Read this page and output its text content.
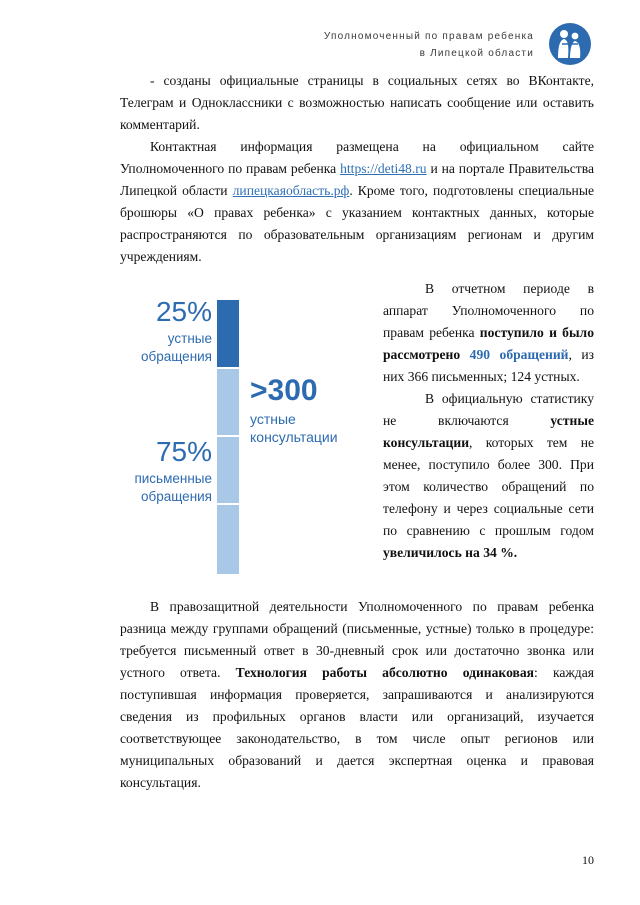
Уполномоченный по правам ребенка
в Липецкой области
- созданы официальные страницы в социальных сетях во ВКонтакте, Телеграм и Одноклассники с возможностью написать сообщение или оставить комментарий.
Контактная информация размещена на официальном сайте Уполномоченного по правам ребенка https://deti48.ru и на портале Правительства Липецкой области липецкаяобласть.рф. Кроме того, подготовлены специальные брошюры «О правах ребенка» с указанием контактных данных, которые распространяются по образовательным организациям регионам и другим учреждениям.
25%
устные
обращения
>300
устные
консультации
75%
письменные
обращения
В отчетном периоде в аппарат Уполномоченного по правам ребенка поступило и было рассмотрено 490 обращений, из них 366 письменных; 124 устных.
В официальную статистику не включаются устные консультации, которых тем не менее, поступило более 300. При этом количество обращений по телефону и через социальные сети по сравнению с прошлым годом увеличилось на 34 %.
В правозащитной деятельности Уполномоченного по правам ребенка разница между группами обращений (письменные, устные) только в процедуре: требуется письменный ответ в 30-дневный срок или достаточно звонка или устного ответа. Технология работы абсолютно одинаковая: каждая поступившая информация проверяется, запрашиваются и анализируются сведения из профильных органов власти или организаций, изучается соответствующее законодательство, в том числе опыт регионов или муниципальных образований и дается экспертная оценка и правовая консультация.
10
